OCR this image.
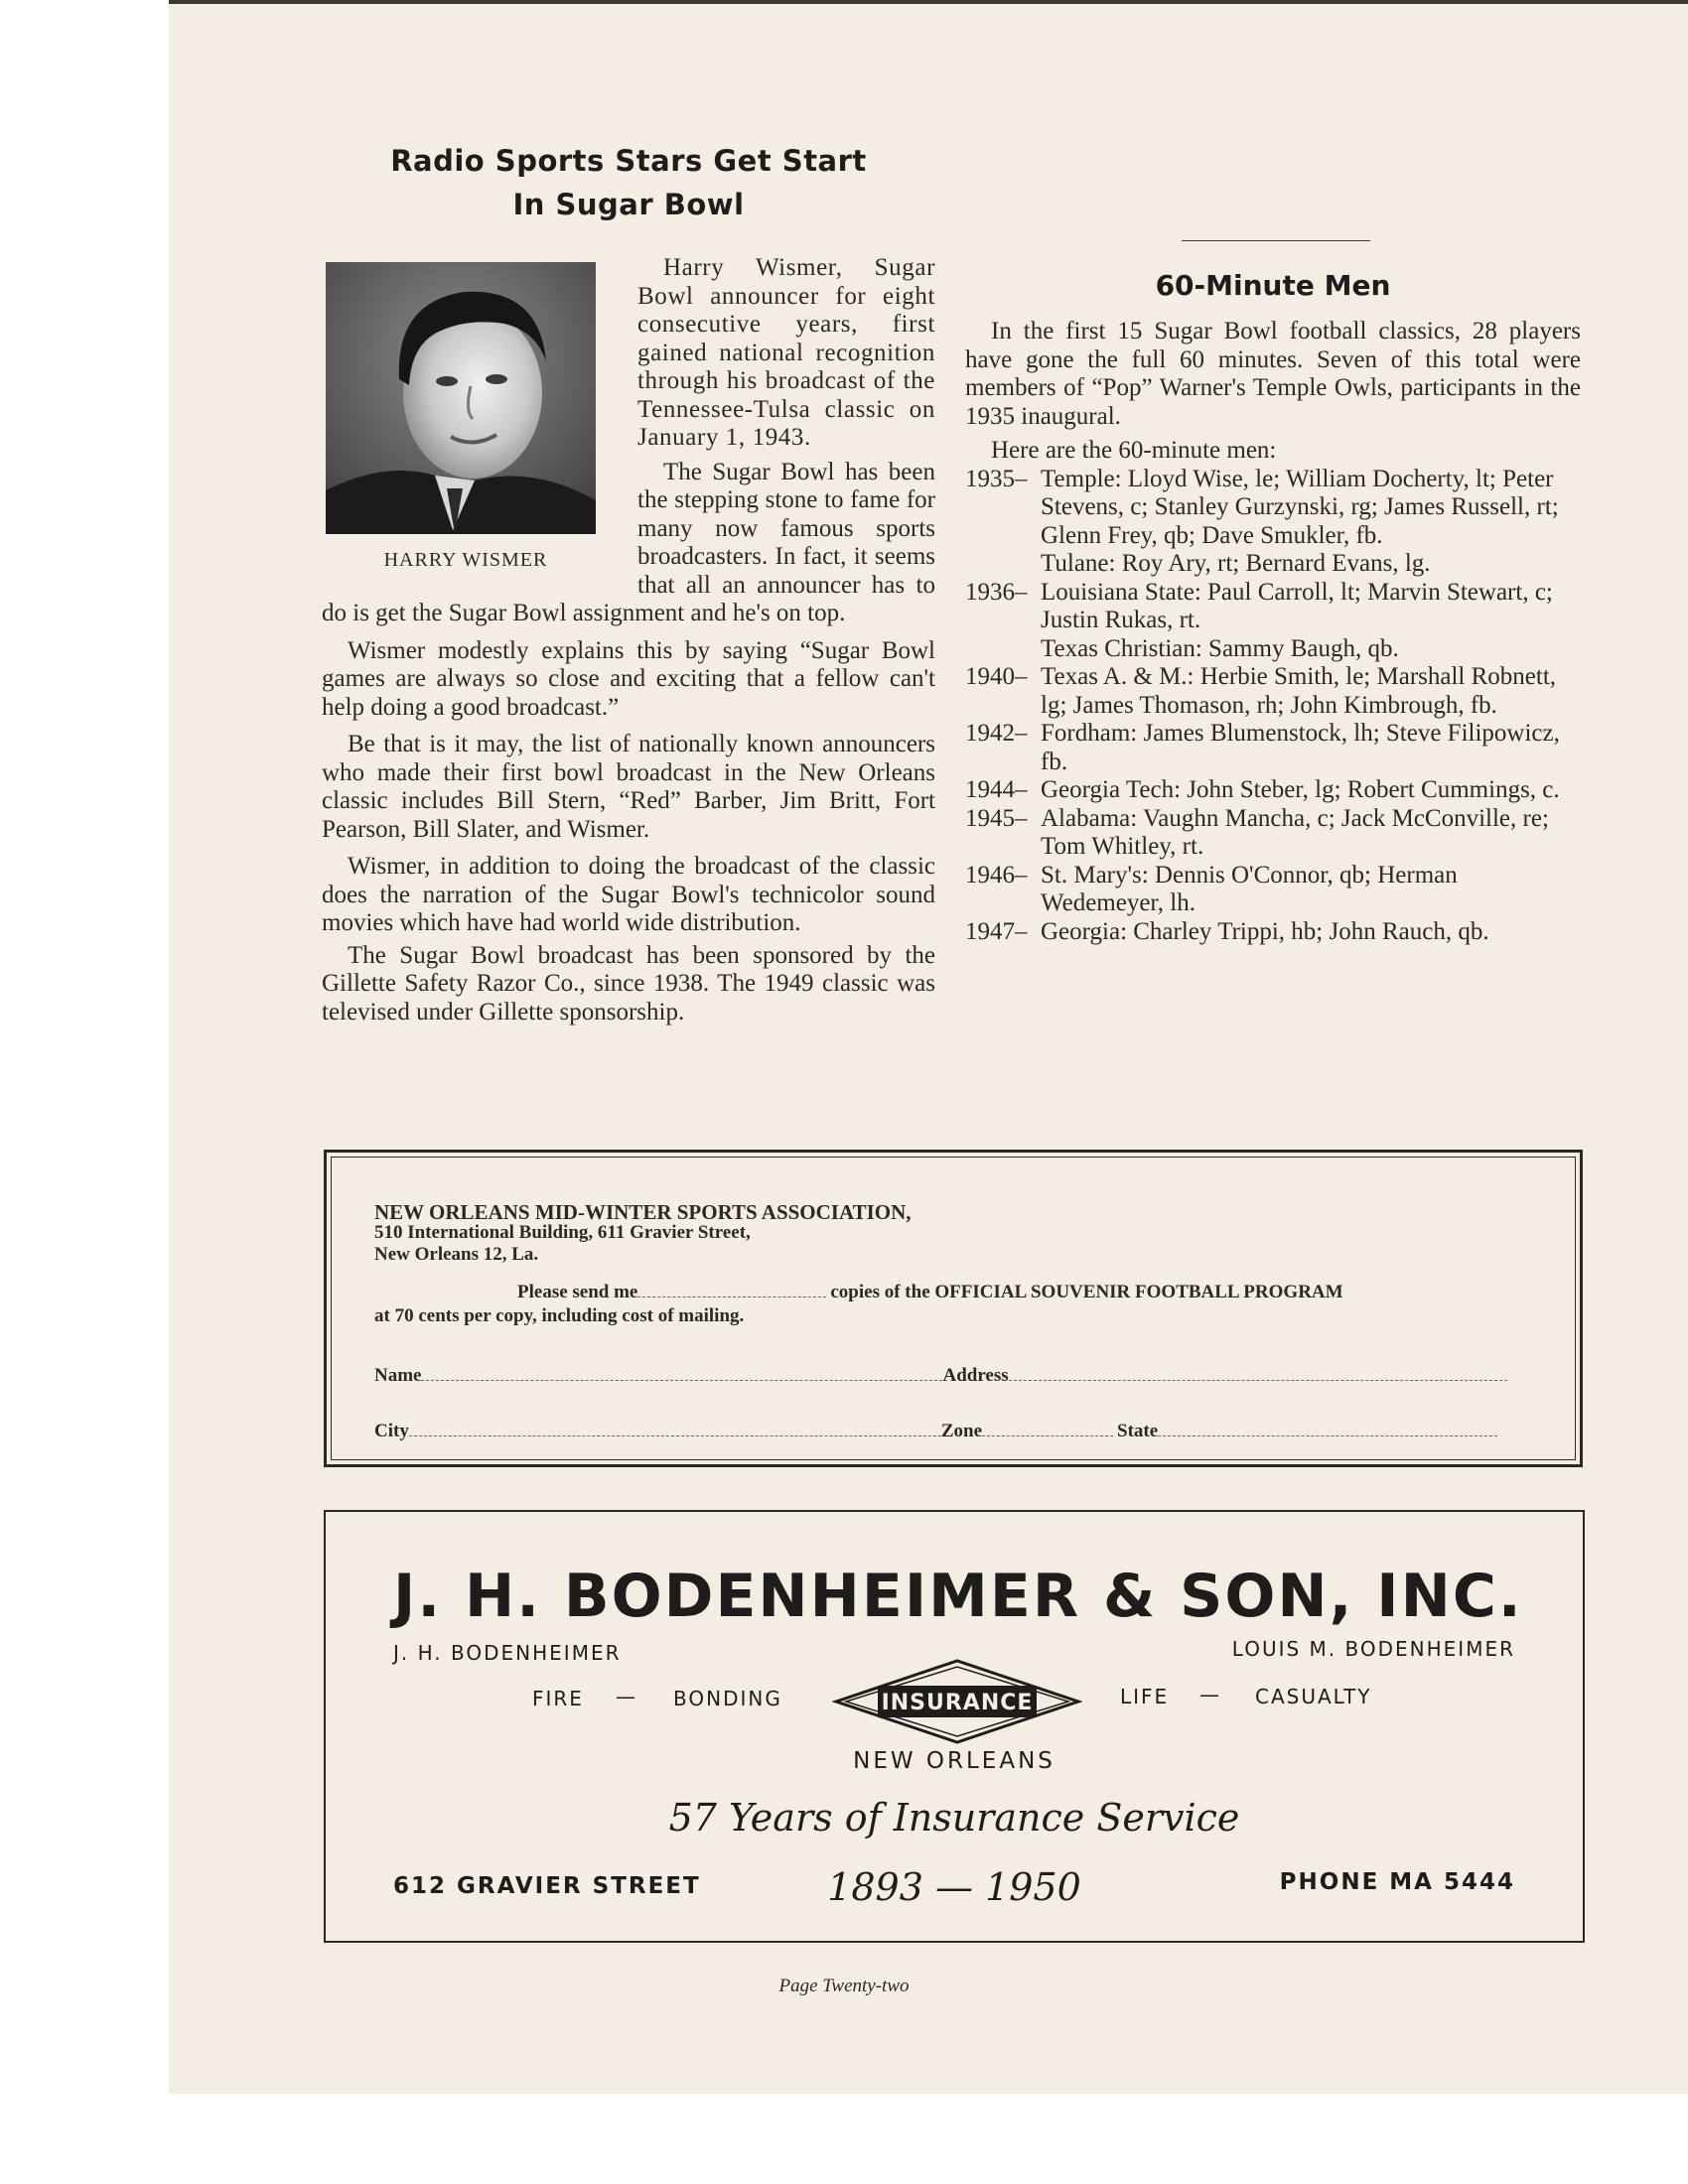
Radio Sports Stars Get Start
In Sugar Bowl
HARRY WISMER

Harry Wismer, Sugar Bowl announcer for eight consecutive years, first gained national recognition through his broadcast of the Tennessee-Tulsa classic on January 1, 1943.

The Sugar Bowl has been the stepping stone to fame for many now famous sports broadcasters. In fact, it seems that all an announcer has to do is get the Sugar Bowl assignment and he's on top.

Wismer modestly explains this by saying “Sugar Bowl games are always so close and exciting that a fellow can't help doing a good broadcast.”

Be that is it may, the list of nationally known announcers who made their first bowl broadcast in the New Orleans classic includes Bill Stern, “Red” Barber, Jim Britt, Fort Pearson, Bill Slater, and Wismer.

Wismer, in addition to doing the broadcast of the classic does the narration of the Sugar Bowl's technicolor sound movies which have had world wide distribution.

The Sugar Bowl broadcast has been sponsored by the Gillette Safety Razor Co., since 1938. The 1949 classic was televised under Gillette sponsorship.

60-Minute Men

In the first 15 Sugar Bowl football classics, 28 players have gone the full 60 minutes. Seven of this total were members of “Pop” Warner's Temple Owls, participants in the 1935 inaugural.

Here are the 60-minute men:

1935– Temple: Lloyd Wise, le; William Docherty, lt; Peter Stevens, c; Stanley Gurzynski, rg; James Russell, rt; Glenn Frey, qb; Dave Smukler, fb.
Tulane: Roy Ary, rt; Bernard Evans, lg.
1936– Louisiana State: Paul Carroll, lt; Marvin Stewart, c; Justin Rukas, rt.
Texas Christian: Sammy Baugh, qb.
1940– Texas A. & M.: Herbie Smith, le; Marshall Robnett, lg; James Thomason, rh; John Kimbrough, fb.
1942– Fordham: James Blumenstock, lh; Steve Filipowicz, fb.
1944– Georgia Tech: John Steber, lg; Robert Cummings, c.
1945– Alabama: Vaughn Mancha, c; Jack McConville, re; Tom Whitley, rt.
1946– St. Mary's: Dennis O'Connor, qb; Herman Wedemeyer, lh.
1947– Georgia: Charley Trippi, hb; John Rauch, qb.
NEW ORLEANS MID-WINTER SPORTS ASSOCIATION,
510 International Building, 611 Gravier Street,
New Orleans 12, La.
Please send me	copies of the OFFICIAL SOUVENIR FOOTBALL PROGRAM
at 70 cents per copy, including cost of mailing.
Name	Address
City	Zone	State
J. H. BODENHEIMER & SON, INC.
J. H. BODENHEIMER	LOUIS M. BODENHEIMER
FIRE — BONDING	INSURANCE	LIFE — CASUALTY
NEW ORLEANS
57 Years of Insurance Service
612 GRAVIER STREET	1893 — 1950	PHONE MA 5444
Page Twenty-two
